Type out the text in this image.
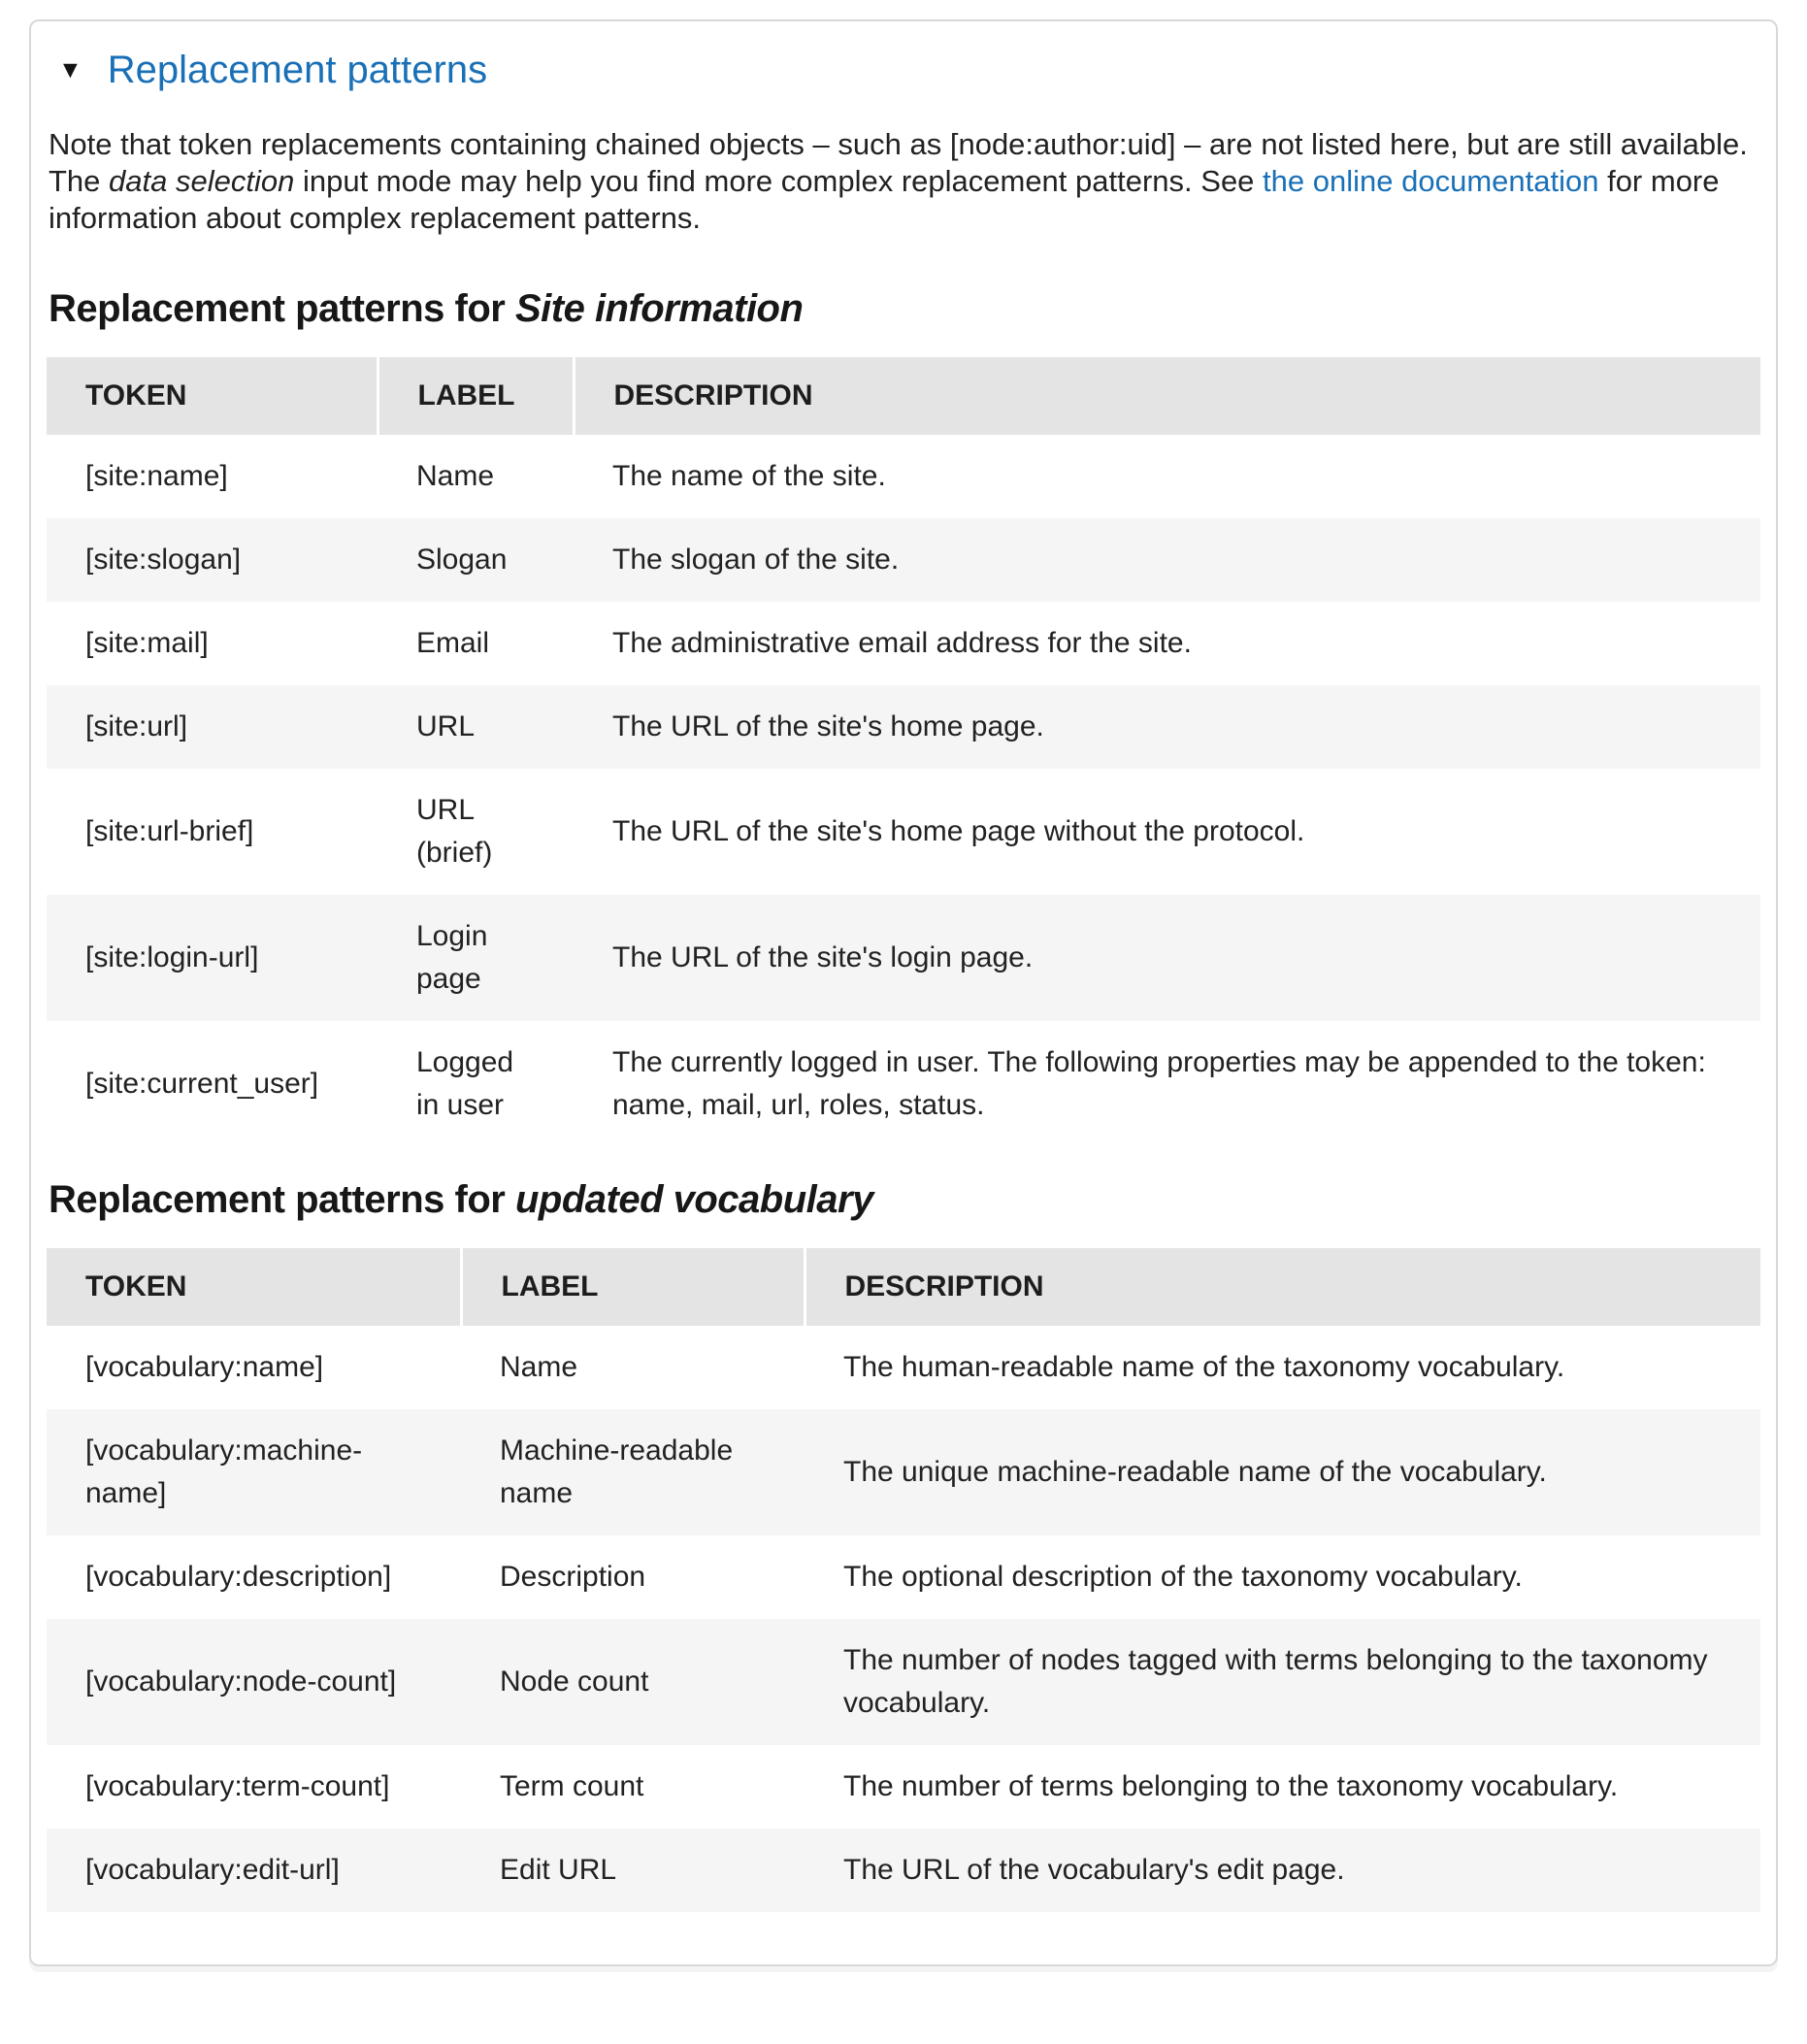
▼ Replacement patterns

Note that token replacements containing chained objects – such as [node:author:uid] – are not listed here, but are still available. The data selection input mode may help you find more complex replacement patterns. See the online documentation for more information about complex replacement patterns.

Replacement patterns for Site information
TOKEN	LABEL	DESCRIPTION
[site:name]	Name	The name of the site.
[site:slogan]	Slogan	The slogan of the site.
[site:mail]	Email	The administrative email address for the site.
[site:url]	URL	The URL of the site's home page.
[site:url-brief]	URL (brief)	The URL of the site's home page without the protocol.
[site:login-url]	Login page	The URL of the site's login page.
[site:current_user]	Logged in user	The currently logged in user. The following properties may be appended to the token: name, mail, url, roles, status.
Replacement patterns for updated vocabulary
TOKEN	LABEL	DESCRIPTION
[vocabulary:name]	Name	The human-readable name of the taxonomy vocabulary.
[vocabulary:machine-name]	Machine-readable name	The unique machine-readable name of the vocabulary.
[vocabulary:description]	Description	The optional description of the taxonomy vocabulary.
[vocabulary:node-count]	Node count	The number of nodes tagged with terms belonging to the taxonomy vocabulary.
[vocabulary:term-count]	Term count	The number of terms belonging to the taxonomy vocabulary.
[vocabulary:edit-url]	Edit URL	The URL of the vocabulary's edit page.
